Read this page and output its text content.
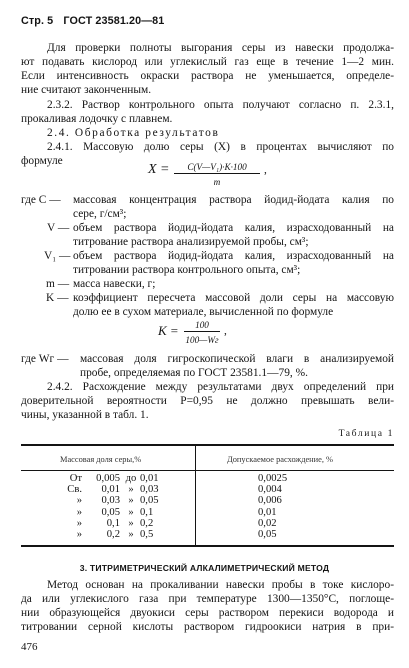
Стр. 5 ГОСТ 23581.20—81
Для проверки полноты выгорания серы из навески продолжа-
ют подавать кислород или углекислый газ еще в течение 1—2 мин.
Если интенсивность окраски раствора не уменьшается, определе-
ние считают законченным.
2.3.2. Раствор контрольного опыта получают согласно п. 2.3.1,
прокаливая лодочку с плавнем.
2.4. Обработка результатов
2.4.1. Массовую долю серы (X) в процентах вычисляют по
формуле
X =	C(V—V₁)·K·100
m
,
где C — массовая концентрация раствора йодид-йодата калия по
сере, г/см³;
V — объем раствора йодид-йодата калия, израсходованный на
титрование раствора анализируемой пробы, см³;
V₁ — объем раствора йодид-йодата калия, израсходованный на
титровании раствора контрольного опыта, см³;
m — масса навески, г;
K — коэффициент пересчета массовой доли серы на массовую
долю ее в сухом материале, вычисленной по формуле
K =	100
100—Wг
,
где Wг — массовая доля гигроскопической влаги в анализируемой
пробе, определяемая по ГОСТ 23581.1—79, %.
2.4.2. Расхождение между результатами двух определений при
Массовая доля серы,%	Допускаемое расхождение, %
От	0,005 до 0,01	0,0025
Св.	0,01 » 0,03	0,004
»	0,03 » 0,05	0,006
»	0,05 » 0,1	0,01
»	0,1 » 0,2	0,02
»	0,2 » 0,5	0,05
3. ТИТРИМЕТРИЧЕСКИЙ АЛКАЛИМЕТРИЧЕСКИЙ МЕТОД
Метод основан на прокаливании навески пробы в токе кислоро-
да или углекислого газа при температуре 1300—1350°С, поглоще-
нии образующейся двуокиси серы раствором перекиси водорода и
титровании серной кислоты раствором гидроокиси натрия в при-
476
доверительной вероятности P=0,95 не должно превышать вели-
чины, указанной в табл. 1.
Таблица 1
